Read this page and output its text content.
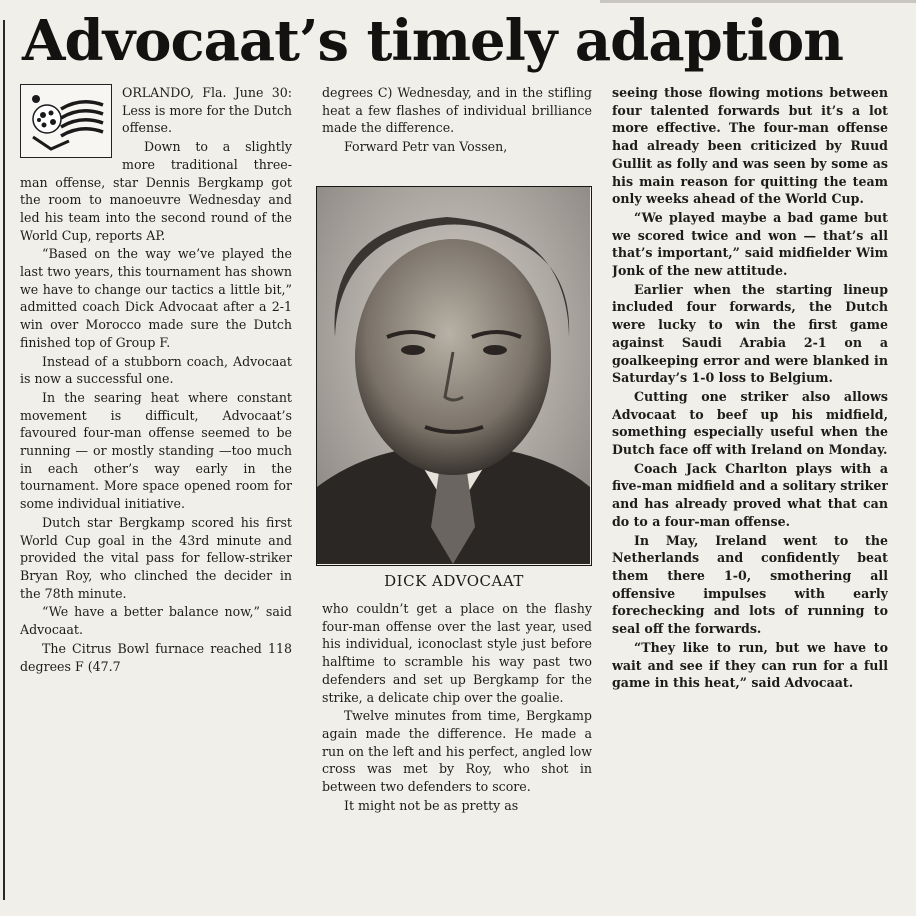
Advocaat’s timely adaption

ORLANDO, Fla. June 30: Less is more for the Dutch offense.

Down to a slightly more traditional three-man offense, star Dennis Bergkamp got the room to manoeuvre Wednesday and led his team into the second round of the World Cup, reports AP.

“Based on the way we’ve played the last two years, this tournament has shown we have to change our tactics a little bit,” admitted coach Dick Advocaat after a 2-1 win over Morocco made sure the Dutch finished top of Group F.

Instead of a stubborn coach, Advocaat is now a successful one.

In the searing heat where constant movement is difficult, Advocaat’s favoured four-man offense seemed to be running — or mostly standing —too much in each other’s way early in the tournament. More space opened room for some individual initiative.

Dutch star Bergkamp scored his first World Cup goal in the 43rd minute and provided the vital pass for fellow-striker Bryan Roy, who clinched the decider in the 78th minute.

“We have a better balance now,” said Advocaat.

The Citrus Bowl furnace reached 118 degrees F (47.7

degrees C) Wednesday, and in the stifling heat a few flashes of individual brilliance made the difference.

Forward Petr van Vossen,

DICK ADVOCAAT

who couldn’t get a place on the flashy four-man offense over the last year, used his individual, iconoclast style just before halftime to scramble his way past two defenders and set up Bergkamp for the strike, a delicate chip over the goalie.

Twelve minutes from time, Bergkamp again made the difference. He made a run on the left and his perfect, angled low cross was met by Roy, who shot in between two defenders to score.

It might not be as pretty as

seeing those flowing motions between four talented forwards but it’s a lot more effective. The four-man offense had already been criticized by Ruud Gullit as folly and was seen by some as his main reason for quitting the team only weeks ahead of the World Cup.

“We played maybe a bad game but we scored twice and won — that’s all that’s important,” said midfielder Wim Jonk of the new attitude.

Earlier when the starting lineup included four forwards, the Dutch were lucky to win the first game against Saudi Arabia 2-1 on a goalkeeping error and were blanked in Saturday’s 1-0 loss to Belgium.

Cutting one striker also allows Advocaat to beef up his midfield, something especially useful when the Dutch face off with Ireland on Monday.

Coach Jack Charlton plays with a five-man midfield and a solitary striker and has already proved what that can do to a four-man offense.

In May, Ireland went to the Netherlands and confidently beat them there 1-0, smothering all offensive impulses with early forechecking and lots of running to seal off the forwards.

“They like to run, but we have to wait and see if they can run for a full game in this heat,” said Advocaat.
